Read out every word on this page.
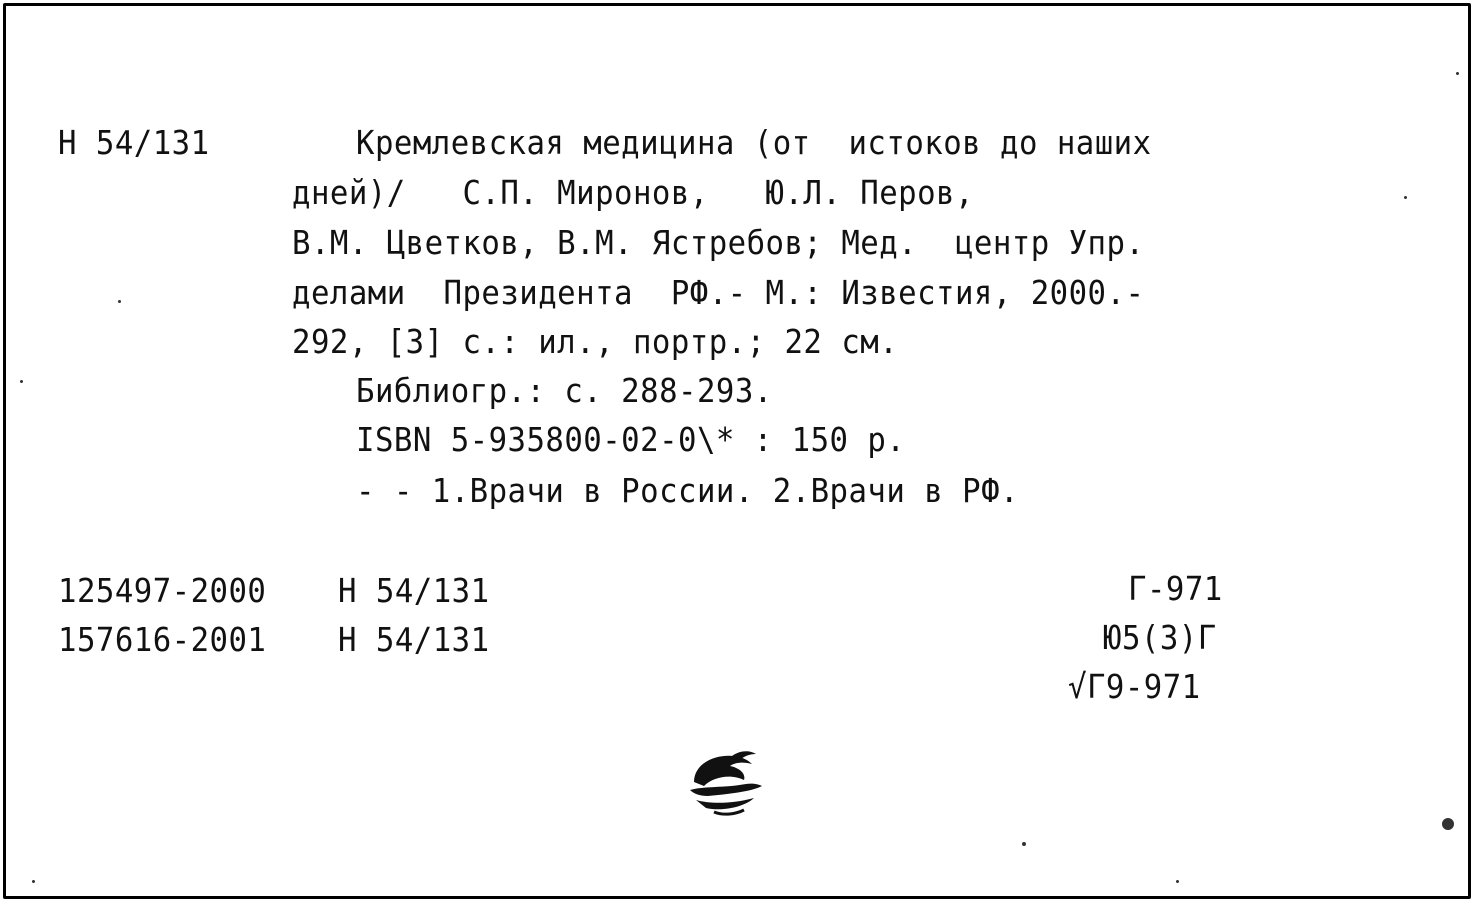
Н 54/131	Кремлевская медицина (от  истоков до наших
дней)/   С.П. Миронов,   Ю.Л. Перов,
В.М. Цветков, В.М. Ястребов; Мед.  центр Упр.
делами  Президента  РФ.- М.: Известия, 2000.-
292, [3] с.: ил., портр.; 22 см.
Библиогр.: с. 288-293.
ISBN 5-935800-02-0\* : 150 р.
- - 1.Врачи в России. 2.Врачи в РФ.
125497-2000 Н 54/131
157616-2001 Н 54/131
Г-971
Ю5(3)Г
√Г9-971
